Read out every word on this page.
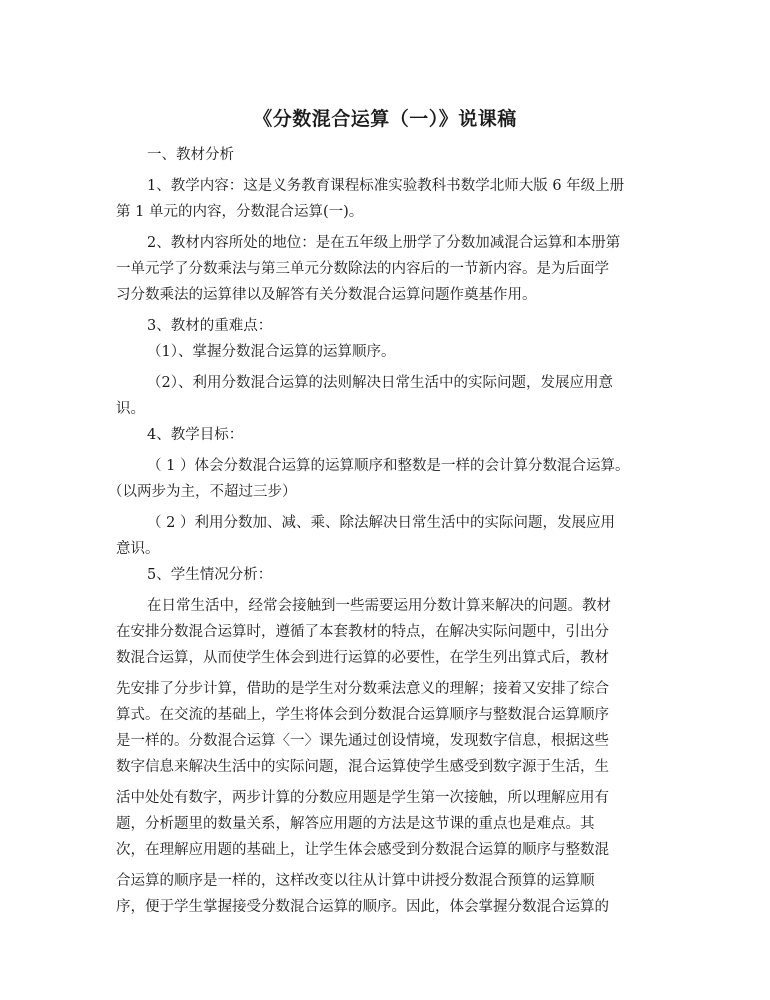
《分数混合运算（一）》说课稿
一、教材分析
1、教学内容：这是义务教育课程标准实验教科书数学北师大版 6 年级上册
第 1 单元的内容，分数混合运算(一)。
2、教材内容所处的地位：是在五年级上册学了分数加减混合运算和本册第
一单元学了分数乘法与第三单元分数除法的内容后的一节新内容。是为后面学
习分数乘法的运算律以及解答有关分数混合运算问题作奠基作用。
3、教材的重难点：
（1）、掌握分数混合运算的运算顺序。
（2）、利用分数混合运算的法则解决日常生活中的实际问题，发展应用意
识。
4、教学目标：
（ 1 ）体会分数混合运算的运算顺序和整数是一样的会计算分数混合运算。
（以两步为主，不超过三步）
（ 2 ）利用分数加、减、乘、除法解决日常生活中的实际问题，发展应用
意识。
5、学生情况分析：
在日常生活中，经常会接触到一些需要运用分数计算来解决的问题。教材
在安排分数混合运算时，遵循了本套教材的特点，在解决实际问题中，引出分
数混合运算，从而使学生体会到进行运算的必要性，在学生列出算式后，教材
先安排了分步计算，借助的是学生对分数乘法意义的理解；接着又安排了综合
算式。在交流的基础上，学生将体会到分数混合运算顺序与整数混合运算顺序
是一样的。分数混合运算〈一〉课先通过创设情境，发现数字信息，根据这些
数字信息来解决生活中的实际问题，混合运算使学生感受到数字源于生活，生
活中处处有数字，两步计算的分数应用题是学生第一次接触，所以理解应用有
题，分析题里的数量关系，解答应用题的方法是这节课的重点也是难点。其
次，在理解应用题的基础上，让学生体会感受到分数混合运算的顺序与整数混
合运算的顺序是一样的，这样改变以往从计算中讲授分数混合预算的运算顺
序，便于学生掌握接受分数混合运算的顺序。因此，体会掌握分数混合运算的
